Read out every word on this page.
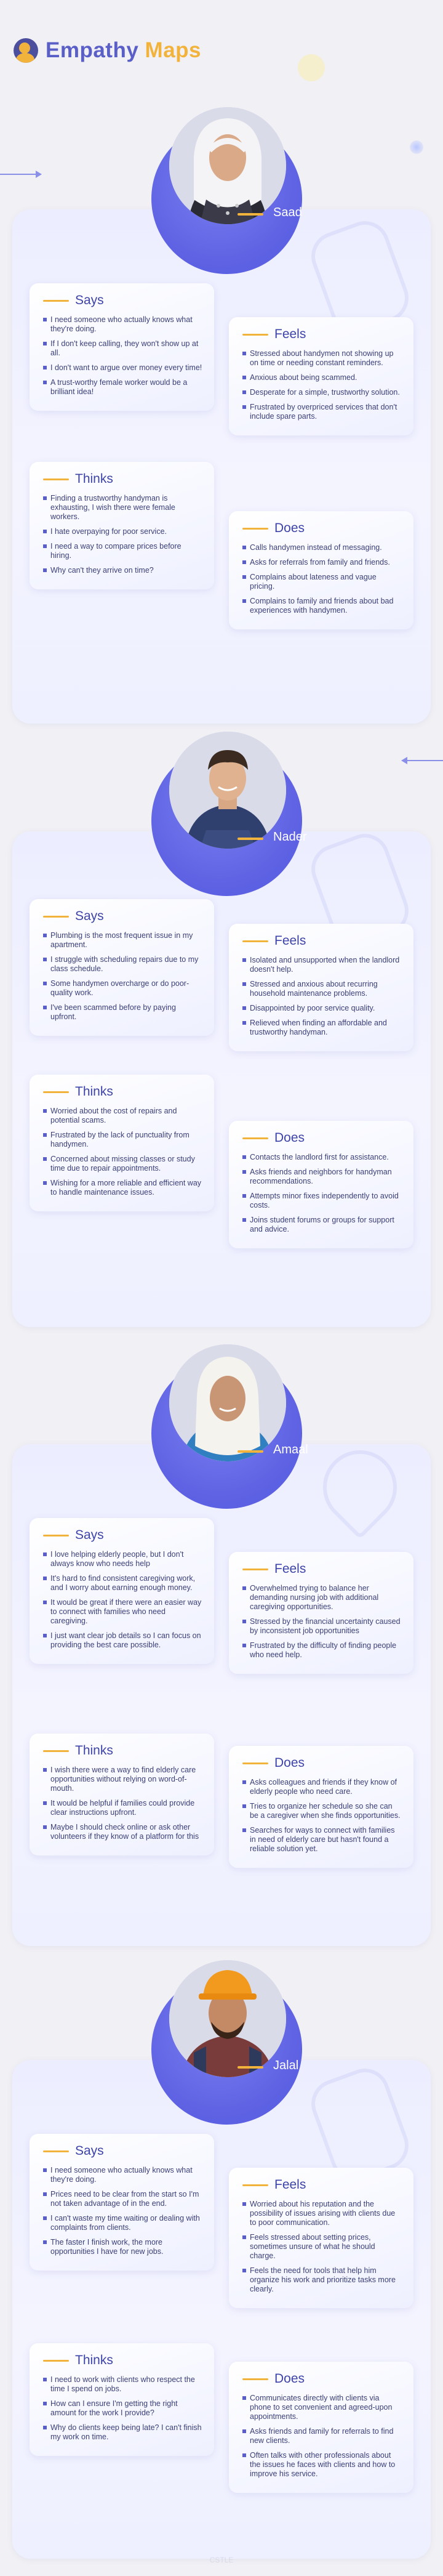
Empathy Maps
Saad
Says
I need someone who actually knows what they're doing.
If I don't keep calling, they won't show up at all.
I don't want to argue over money every time!
A trust-worthy female worker would be a brilliant idea!
Feels
Stressed about handymen not showing up on time or needing constant reminders.
Anxious about being scammed.
Desperate for a simple, trustworthy solution.
Frustrated by overpriced services that don't include spare parts.
Thinks
Finding a trustworthy handyman is exhausting, I wish there were female workers.
I hate overpaying for poor service.
I need a way to compare prices before hiring.
Why can't they arrive on time?
Does
Calls handymen instead of messaging.
Asks for referrals from family and friends.
Complains about lateness and vague pricing.
Complains to family and friends about bad experiences with handymen.
Nader
Says
Plumbing is the most frequent issue in my apartment.
I struggle with scheduling repairs due to my class schedule.
Some handymen overcharge or do poor-quality work.
I've been scammed before by paying upfront.
Feels
Isolated and unsupported when the landlord doesn't help.
Stressed and anxious about recurring household maintenance problems.
Disappointed by poor service quality.
Relieved when finding an affordable and trustworthy handyman.
Thinks
Worried about the cost of repairs and potential scams.
Frustrated by the lack of punctuality from handymen.
Concerned about missing classes or study time due to repair appointments.
Wishing for a more reliable and efficient way to handle maintenance issues.
Does
Contacts the landlord first for assistance.
Asks friends and neighbors for handyman recommendations.
Attempts minor fixes independently to avoid costs.
Joins student forums or groups for support and advice.
Amaal
Says
I love helping elderly people, but I don't always know who needs help
It's hard to find consistent caregiving work, and I worry about earning enough money.
It would be great if there were an easier way to connect with families who need caregiving.
I just want clear job details so I can focus on providing the best care possible.
Feels
Overwhelmed trying to balance her demanding nursing job with additional caregiving opportunities.
Stressed by the financial uncertainty caused by inconsistent job opportunities
Frustrated by the difficulty of finding people who need help.
Thinks
I wish there were a way to find elderly care opportunities without relying on word-of-mouth.
It would be helpful if families could provide clear instructions upfront.
Maybe I should check online or ask other volunteers if they know of a platform for this
Does
Asks colleagues and friends if they know of elderly people who need care.
Tries to organize her schedule so she can be a caregiver when she finds opportunities.
Searches for ways to connect with families in need of elderly care but hasn't found a reliable solution yet.
Jalal
Says
I need someone who actually knows what they're doing.
Prices need to be clear from the start so I'm not taken advantage of in the end.
I can't waste my time waiting or dealing with complaints from clients.
The faster I finish work, the more opportunities I have for new jobs.
Feels
Worried about his reputation and the possibility of issues arising with clients due to poor communication.
Feels stressed about setting prices, sometimes unsure of what he should charge.
Feels the need for tools that help him organize his work and prioritize tasks more clearly.
Thinks
I need to work with clients who respect the time I spend on jobs.
How can I ensure I'm getting the right amount for the work I provide?
Why do clients keep being late? I can't finish my work on time.
Does
Communicates directly with clients via phone to set convenient and agreed-upon appointments.
Asks friends and family for referrals to find new clients.
Often talks with other professionals about the issues he faces with clients and how to improve his service.
CSTLE
